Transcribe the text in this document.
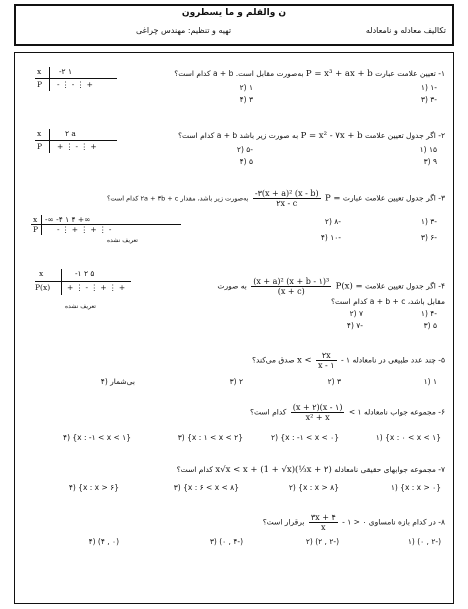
ن والقلم و ما يسطرون
تکالیف معادله و نامعادله
تهیه و تنظیم: مهندس چراغی
۱- تعیین علامت عبارت P = x³ + ax + b به‌صورت مقابل است. a + b کدام است؟
-۱ (۱
۱ (۲
-۳ (۳
۳ (۴
x
P
-۲ ۱
- ⋮ - ⋮ +
۲- اگر جدول تعیین علامت P = x² - ۷x + b به صورت زیر باشد a + b کدام است؟
۱۵ (۱
-۵ (۲
۹ (۳
۵ (۴
x
P
۲ a
+ ⋮ - ⋮ +
۳- اگر جدول تعیین علامت عبارت P =
$\frac{\text{-۳(x + a)² (x - b)}}{۲x - c}$
به‌صورت زیر باشد، مقدار ۲a + ۳b + c کدام است؟
-۳ (۱
-۸ (۲
-۶ (۳
-۱۰ (۴
x
P
-∞ -۴ ۱ ۴ +∞
- ⋮ + ⋮ + ⋮ -
تعریف نشده
۴- اگر جدول تعیین علامت P(x) =
$\frac{\text{(x + a)² (x + b - ۱)³}}{(x + c)}$
به صورت
مقابل باشد، a + b + c کدام است؟
-۴ (۱
۷ (۲
۵ (۳
-۷ (۴
x
P(x)
-۱ ۲ ۵
+ ⋮ - ⋮ + ⋮ +
تعریف نشده
۵- چند عدد طبیعی در نامعادله $x < \frac{۲x}{x - ۱}$
- ۱ صدق می‌کند؟
۱ (۱
۳ (۲
۲ (۳
بی‌شمار (۴
۶- مجموعه جواب نامعادله ۱ >
$\frac{(x + ۲)(x - ۱)}{\text{x² + x}}$
کدام است؟
{x : ۰ < x < ۱} (۱
{x : -۱ < x < ۰} (۲
{x : ۱ < x < ۲} (۳
{x : -۱ < x < ۱} (۴
۷- مجموعه جوابهای حقیقی نامعادله x√x < x + (1 + √x)(⅓x + ۲) کدام است؟
{x : x > ۰} (۱
{x : x > ۸} (۲
{x : ۶ < x < ۸} (۳
{x : x > ۶} (۴
۸- در کدام بازه نامساوی ۰ < ۱ -
$\frac{۳x + ۴}{x}$
برقرار است؟
(-۲ , ۰) (۱
(-۲ , ۲) (۲
(-۴ , ۰) (۳
(۰ , ۴) (۴
